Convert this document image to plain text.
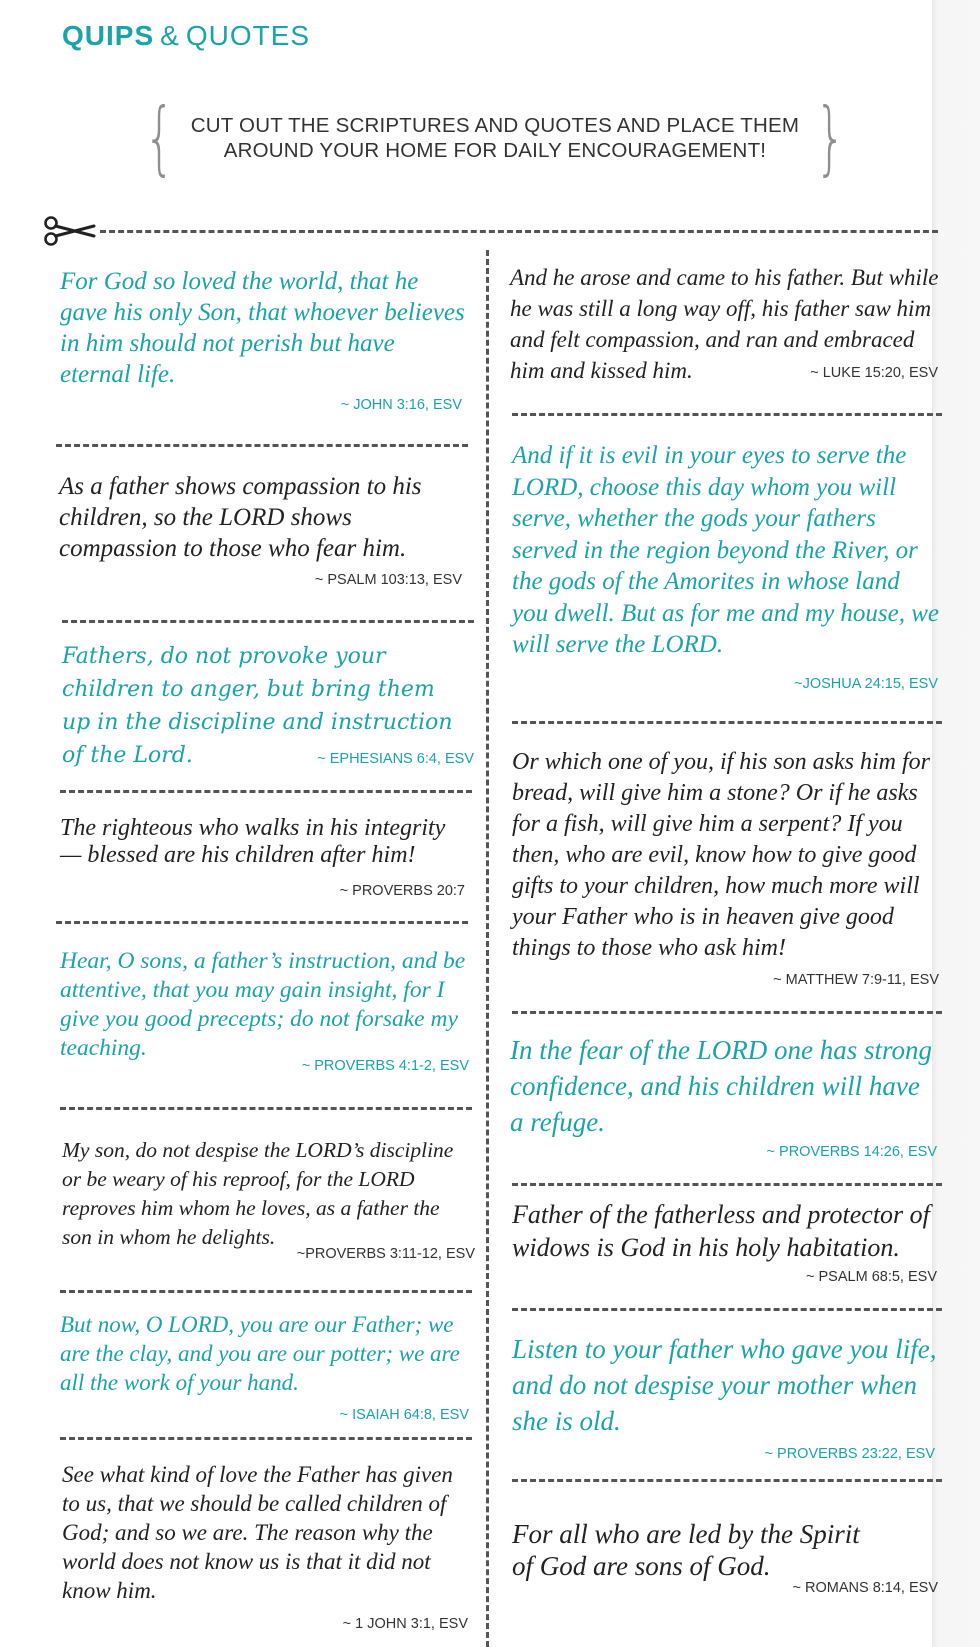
QUIPS & QUOTES
{ CUT OUT THE SCRIPTURES AND QUOTES AND PLACE THEM
AROUND YOUR HOME FOR DAILY ENCOURAGEMENT! }
For God so loved the world, that he gave his only Son, that whoever believes in him should not perish but have eternal life.
~ JOHN 3:16, ESV
As a father shows compassion to his children, so the LORD shows compassion to those who fear him.
~ PSALM 103:13, ESV
Fathers, do not provoke your children to anger, but bring them up in the discipline and instruction of the Lord.	~ EPHESIANS 6:4, ESV
The righteous who walks in his integrity — blessed are his children after him!
~ PROVERBS 20:7
Hear, O sons, a father’s instruction, and be attentive, that you may gain insight, for I give you good precepts; do not forsake my teaching.
~ PROVERBS 4:1-2, ESV
My son, do not despise the LORD’s discipline or be weary of his reproof, for the LORD reproves him whom he loves, as a father the son in whom he delights.
~PROVERBS 3:11-12, ESV
But now, O LORD, you are our Father; we are the clay, and you are our potter; we are all the work of your hand.
~ ISAIAH 64:8, ESV
See what kind of love the Father has given to us, that we should be called children of God; and so we are. The reason why the world does not know us is that it did not know him.
~ 1 JOHN 3:1, ESV
And he arose and came to his father. But while he was still a long way off, his father saw him and felt compassion, and ran and embraced him and kissed him.	~ LUKE 15:20, ESV
And if it is evil in your eyes to serve the LORD, choose this day whom you will serve, whether the gods your fathers served in the region beyond the River, or the gods of the Amorites in whose land you dwell. But as for me and my house, we will serve the LORD.
~JOSHUA 24:15, ESV
Or which one of you, if his son asks him for bread, will give him a stone? Or if he asks for a fish, will give him a serpent? If you then, who are evil, know how to give good gifts to your children, how much more will your Father who is in heaven give good things to those who ask him!
~ MATTHEW 7:9-11, ESV
In the fear of the LORD one has strong confidence, and his children will have a refuge.
~ PROVERBS 14:26, ESV
Father of the fatherless and protector of widows is God in his holy habitation.
~ PSALM 68:5, ESV
Listen to your father who gave you life, and do not despise your mother when she is old.
~ PROVERBS 23:22, ESV
For all who are led by the Spirit of God are sons of God.
~ ROMANS 8:14, ESV
